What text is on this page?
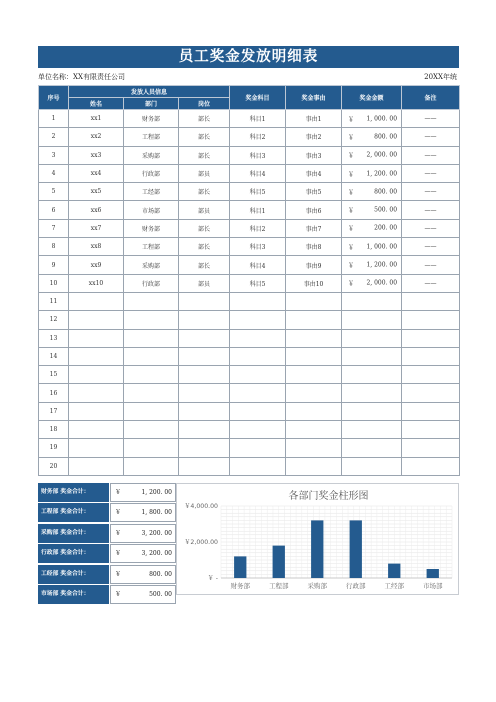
员工奖金发放明细表
单位名称：XX有限责任公司	20XX年统
序号	发放人员信息			奖金科目	奖金事由	奖金金额	备注
	姓名	部门	岗位				
1	xx1	财务部	部长	科目1	事由1	￥ 1, 000. 00	——
2	xx2	工程部	部长	科目2	事由2	￥ 800. 00	——
3	xx3	采购部	部长	科目3	事由3	￥ 2, 000. 00	——
4	xx4	行政部	部员	科目4	事由4	￥ 1, 200. 00	——
5	xx5	工经部	部长	科目5	事由5	￥ 800. 00	——
6	xx6	市场部	部员	科目1	事由6	￥ 500. 00	——
7	xx7	财务部	部长	科目2	事由7	￥ 200. 00	——
8	xx8	工程部	部长	科目3	事由8	￥ 1, 000. 00	——
9	xx9	采购部	部长	科目4	事由9	￥ 1, 200. 00	——
10	xx10	行政部	部员	科目5	事由10	￥ 2, 000. 00	——
11						

12						

13						

14						

15						

16						

17						

18						

19						

20						

财务部 奖金合计：	￥	1, 200. 00
工程部 奖金合计：	￥	1, 800. 00
采购部 奖金合计：	￥	3, 200. 00
行政部 奖金合计：	￥	3, 200. 00
工经部 奖金合计：	￥	800. 00
市场部 奖金合计：	￥	500. 00
各部门奖金柱形图
￥ -
￥2,000.00
￥4,000.00
财务部	工程部	采购部	行政部	工经部	市场部
